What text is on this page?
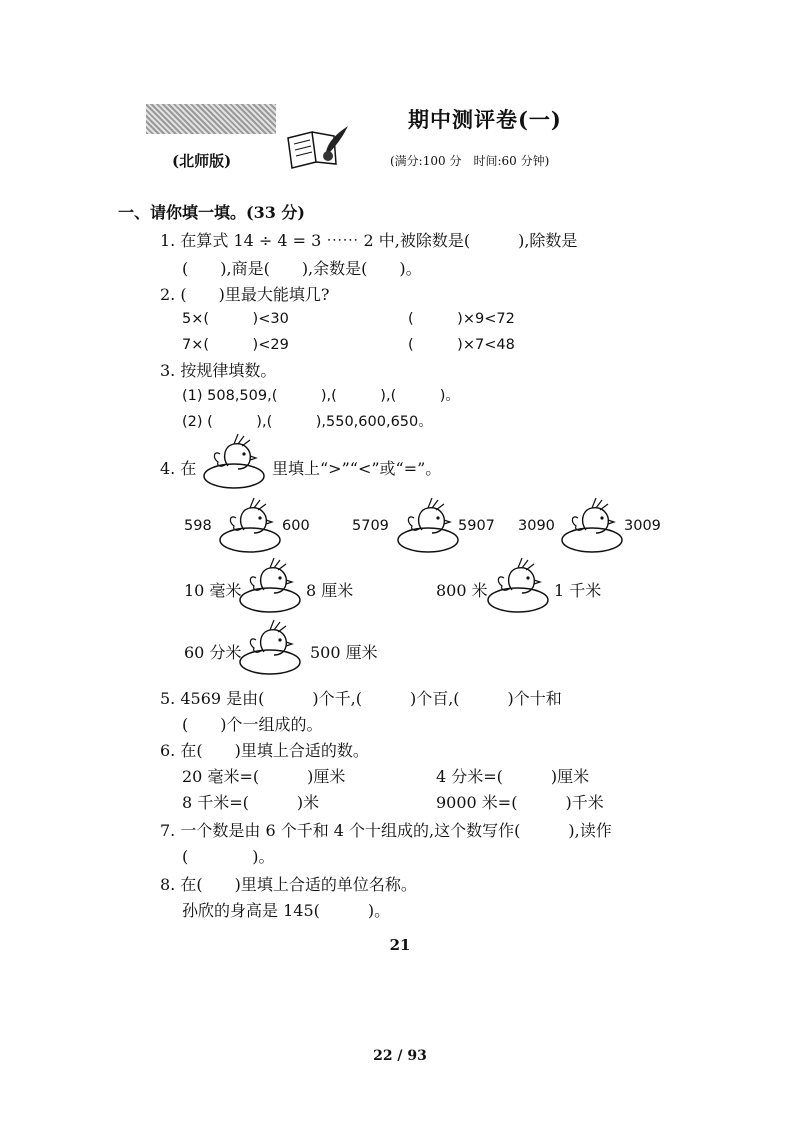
期中测评卷(一)
(北师版)	(满分:100 分　时间:60 分钟)
一、请你填一填。(33 分)
1. 在算式 14 ÷ 4 = 3 ⋯⋯ 2 中,被除数是(　　　),除数是
(　　),商是(　　),余数是(　　)。
2. (　　)里最大能填几?
5×(　　　)<30	(　　　)×9<72
7×(　　　)<29	(　　　)×7<48
3. 按规律填数。
(1) 508,509,(　　　),(　　　),(　　　)。
(2) (　　　),(　　　),550,600,650。
4. 在	里填上“>”“<”或“=”。
598	600	5709	5907 3090	3009
10 毫米	8 厘米	800 米	1 千米
60 分米	500 厘米
5. 4569 是由(　　　)个千,(　　　)个百,(　　　)个十和
(　　)个一组成的。
6. 在(　　)里填上合适的数。
20 毫米=(　　　)厘米	4 分米=(　　　)厘米
8 千米=(　　　)米	9000 米=(　　　)千米
7. 一个数是由 6 个千和 4 个十组成的,这个数写作(　　　),读作
(　　　　)。
8. 在(　　)里填上合适的单位名称。
孙欣的身高是 145(　　　)。
21
22 / 93
